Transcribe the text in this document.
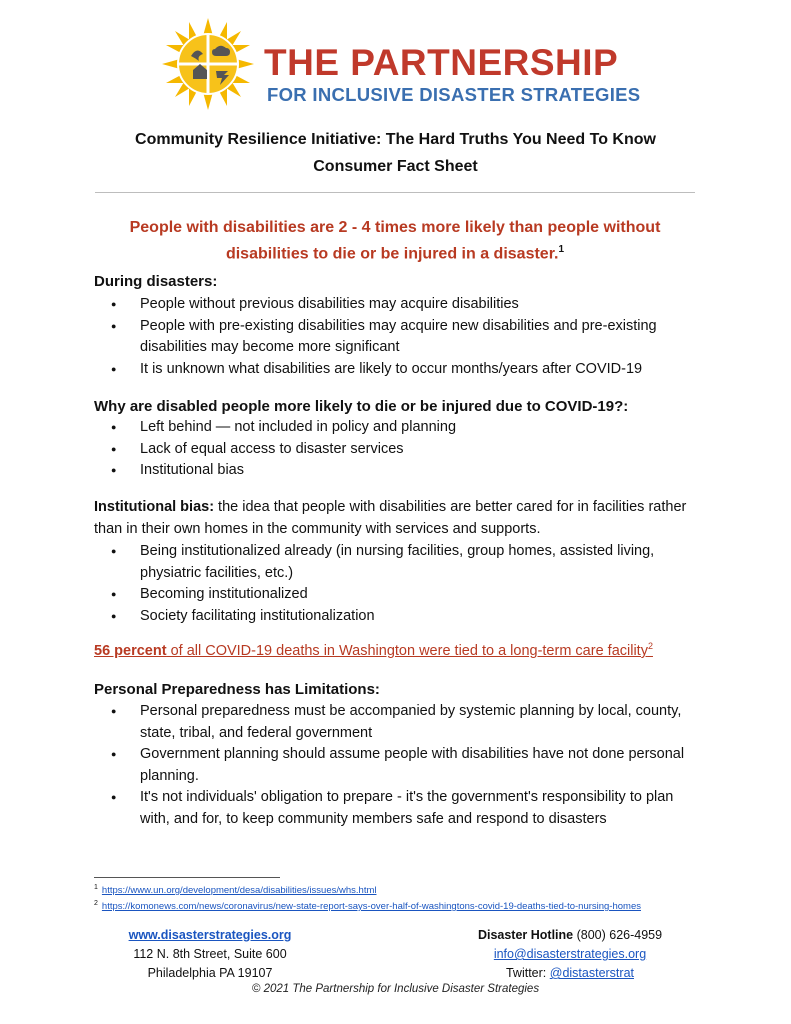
THE PARTNERSHIP
FOR INCLUSIVE DISASTER STRATEGIES
Community Resilience Initiative: The Hard Truths You Need To Know
Consumer Fact Sheet
People with disabilities are 2 - 4 times more likely than people without
disabilities to die or be injured in a disaster.$^1$
During disasters:
● People without previous disabilities may acquire disabilities
● People with pre-existing disabilities may acquire new disabilities and pre-existing disabilities may become more significant
● It is unknown what disabilities are likely to occur months/years after COVID-19
Why are disabled people more likely to die or be injured due to COVID-19?:
● Left behind — not included in policy and planning
● Lack of equal access to disaster services
● Institutional bias
Institutional bias: the idea that people with disabilities are better cared for in facilities rather than in their own homes in the community with services and supports.
● Being institutionalized already (in nursing facilities, group homes, assisted living, physiatric facilities, etc.)
● Becoming institutionalized
● Society facilitating institutionalization
56 percent of all COVID-19 deaths in Washington were tied to a long-term care facility$^2$
Personal Preparedness has Limitations:
● Personal preparedness must be accompanied by systemic planning by local, county, state, tribal, and federal government
● Government planning should assume people with disabilities have not done personal planning.
● It's not individuals' obligation to prepare - it's the government's responsibility to plan with, and for, to keep community members safe and respond to disasters
$^1$ https://www.un.org/development/desa/disabilities/issues/whs.html
$^2$ https://komonews.com/news/coronavirus/new-state-report-says-over-half-of-washingtons-covid-19-deaths-tied-to-nursing-homes
www.disasterstrategies.org
112 N. 8th Street, Suite 600
Philadelphia PA 19107
Disaster Hotline (800) 626-4959
info@disasterstrategies.org
Twitter: @distasterstrat
© 2021 The Partnership for Inclusive Disaster Strategies
